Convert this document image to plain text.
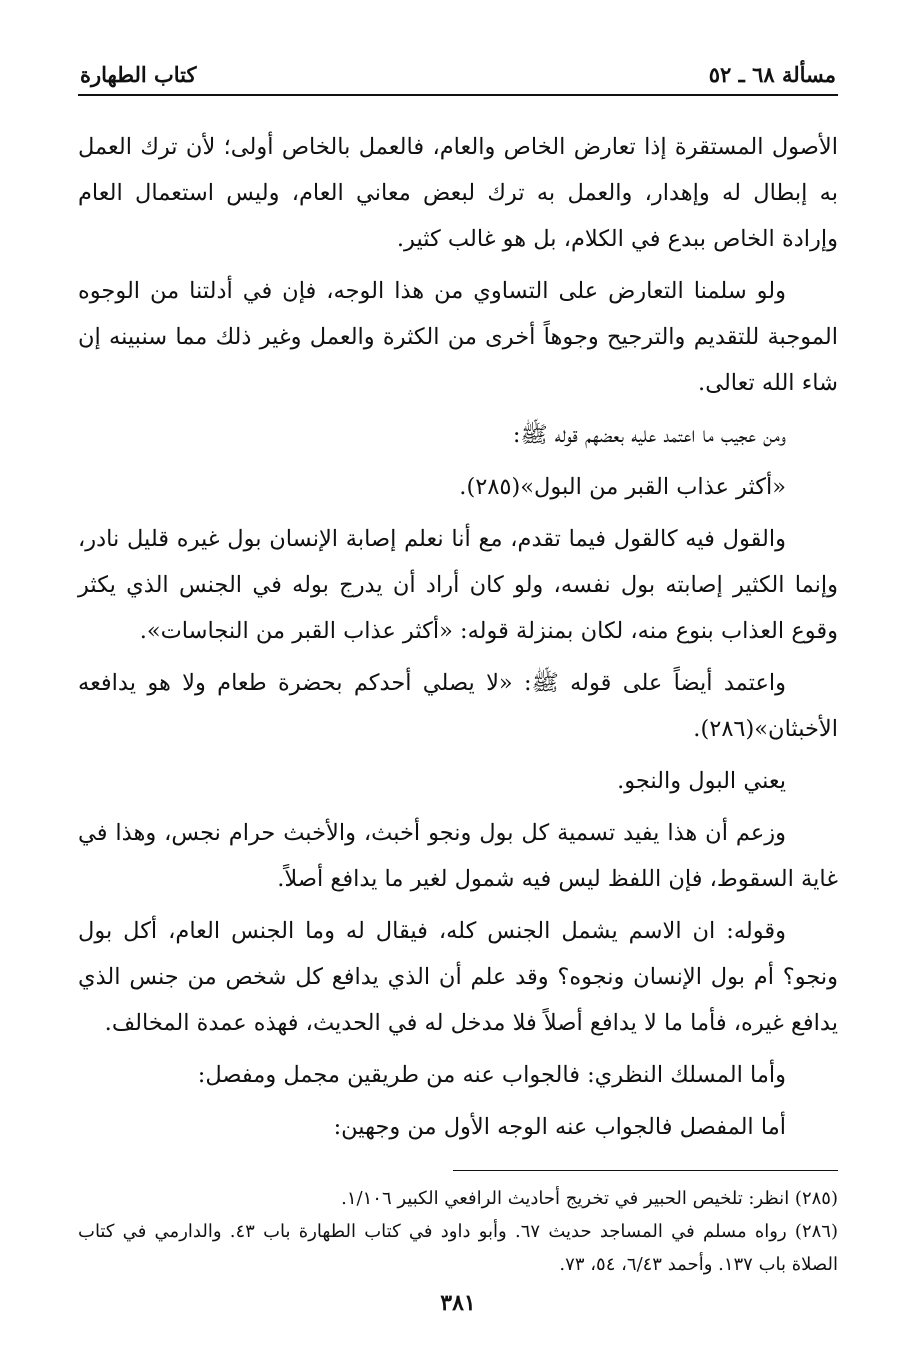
مسألة ٦٨ ـ ٥٢
كتاب الطهارة

الأصول المستقرة إذا تعارض الخاص والعام، فالعمل بالخاص أولى؛ لأن ترك العمل به إبطال له وإهدار، والعمل به ترك لبعض معاني العام، وليس استعمال العام وإرادة الخاص ببدع في الكلام، بل هو غالب كثير.

ولو سلمنا التعارض على التساوي من هذا الوجه، فإن في أدلتنا من الوجوه الموجبة للتقديم والترجيح وجوهاً أخرى من الكثرة والعمل وغير ذلك مما سنبينه إن شاء الله تعالى.

ومن عجيب ما اعتمد عليه بعضهم قوله ﷺ:

«أكثر عذاب القبر من البول»(٢٨٥).

والقول فيه كالقول فيما تقدم، مع أنا نعلم إصابة الإنسان بول غيره قليل نادر، وإنما الكثير إصابته بول نفسه، ولو كان أراد أن يدرج بوله في الجنس الذي يكثر وقوع العذاب بنوع منه، لكان بمنزلة قوله: «أكثر عذاب القبر من النجاسات».

واعتمد أيضاً على قوله ﷺ: «لا يصلي أحدكم بحضرة طعام ولا هو يدافعه الأخبثان»(٢٨٦).

يعني البول والنجو.

وزعم أن هذا يفيد تسمية كل بول ونجو أخبث، والأخبث حرام نجس، وهذا في غاية السقوط، فإن اللفظ ليس فيه شمول لغير ما يدافع أصلاً.

وقوله: ان الاسم يشمل الجنس كله، فيقال له وما الجنس العام، أكل بول ونجو؟ أم بول الإنسان ونجوه؟ وقد علم أن الذي يدافع كل شخص من جنس الذي يدافع غيره، فأما ما لا يدافع أصلاً فلا مدخل له في الحديث، فهذه عمدة المخالف.

وأما المسلك النظري: فالجواب عنه من طريقين مجمل ومفصل:

أما المفصل فالجواب عنه الوجه الأول من وجهين:

(٢٨٥) انظر: تلخيص الحبير في تخريج أحاديث الرافعي الكبير ١/١٠٦.

(٢٨٦) رواه مسلم في المساجد حديث ٦٧. وأبو داود في كتاب الطهارة باب ٤٣. والدارمي في كتاب الصلاة باب ١٣٧. وأحمد ٦/٤٣، ٥٤، ٧٣.

٣٨١
